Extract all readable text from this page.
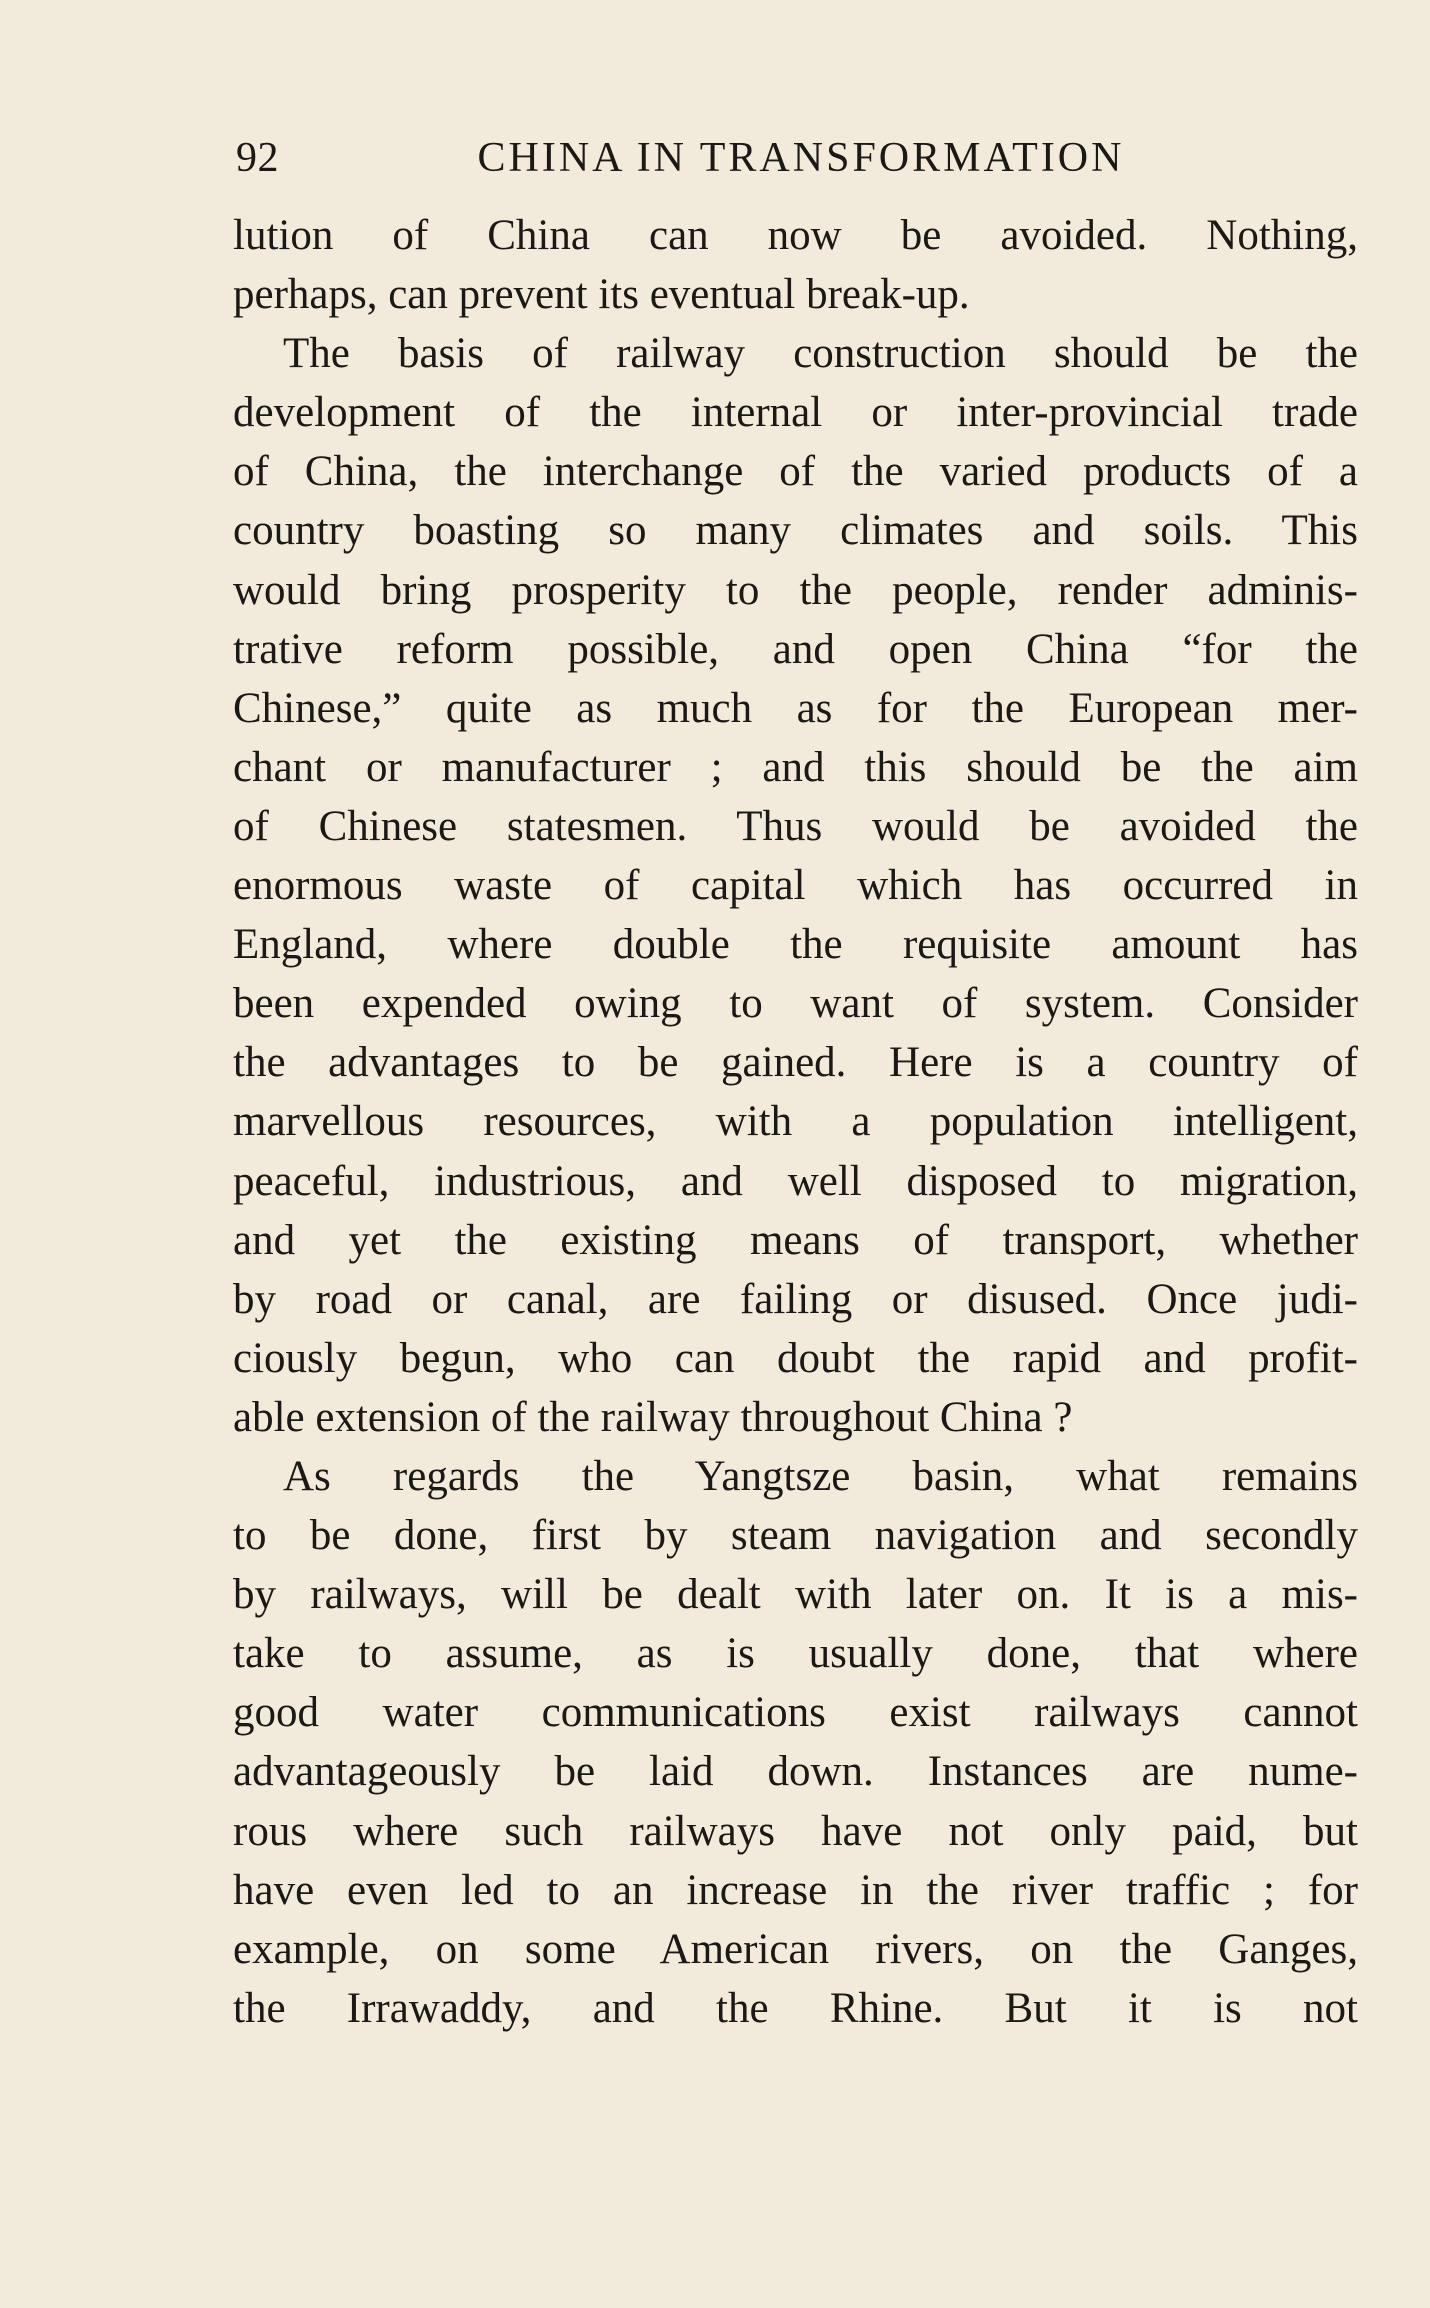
92	CHINA IN TRANSFORMATION
lution of China can now be avoided. Nothing,
perhaps, can prevent its eventual break-up.
The basis of railway construction should be the
development of the internal or inter-provincial trade
of China, the interchange of the varied products of a
country boasting so many climates and soils. This
would bring prosperity to the people, render adminis-
trative reform possible, and open China “for the
Chinese,” quite as much as for the European mer-
chant or manufacturer ; and this should be the aim
of Chinese statesmen. Thus would be avoided the
enormous waste of capital which has occurred in
England, where double the requisite amount has
been expended owing to want of system. Consider
the advantages to be gained. Here is a country of
marvellous resources, with a population intelligent,
peaceful, industrious, and well disposed to migration,
and yet the existing means of transport, whether
by road or canal, are failing or disused. Once judi-
ciously begun, who can doubt the rapid and profit-
able extension of the railway throughout China ?
As regards the Yangtsze basin, what remains
to be done, first by steam navigation and secondly
by railways, will be dealt with later on. It is a mis-
take to assume, as is usually done, that where
good water communications exist railways cannot
advantageously be laid down. Instances are nume-
rous where such railways have not only paid, but
have even led to an increase in the river traffic ; for
example, on some American rivers, on the Ganges,
the Irrawaddy, and the Rhine. But it is not
